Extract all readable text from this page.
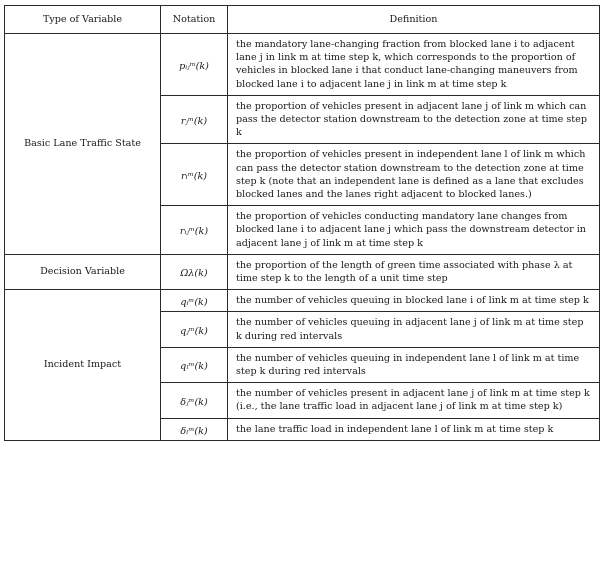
Type of Variable	Notation	Definition
Basic Lane Traffic State	pᵢⱼᵐ(k)	the mandatory lane-changing fraction from blocked lane i to adjacent lane j in link m at time step k, which corresponds to the proportion of vehicles in blocked lane i that conduct lane-changing maneuvers from blocked lane i to adjacent lane j in link m at time step k
	rⱼᵐ(k)	the proportion of vehicles present in adjacent lane j of link m which can pass the detector station downstream to the detection zone at time step k
	rₗᵐ(k)	the proportion of vehicles present in independent lane l of link m which can pass the detector station downstream to the detection zone at time step k (note that an independent lane is defined as a lane that excludes blocked lanes and the lanes right adjacent to blocked lanes.)
	rᵢⱼᵐ(k)	the proportion of vehicles conducting mandatory lane changes from blocked lane i to adjacent lane j which pass the downstream detector in adjacent lane j of link m at time step k
Decision Variable	Ωλ(k)	the proportion of the length of green time associated with phase λ at time step k to the length of a unit time step
Incident Impact	qᵢᵐ(k)	the number of vehicles queuing in blocked lane i of link m at time step k
	qⱼᵐ(k)	the number of vehicles queuing in adjacent lane j of link m at time step k during red intervals
	qₗᵐ(k)	the number of vehicles queuing in independent lane l of link m at time step k during red intervals
	δⱼᵐ(k)	the number of vehicles present in adjacent lane j of link m at time step k (i.e., the lane traffic load in adjacent lane j of link m at time step k)
	δₗᵐ(k)	the lane traffic load in independent lane l of link m at time step k
